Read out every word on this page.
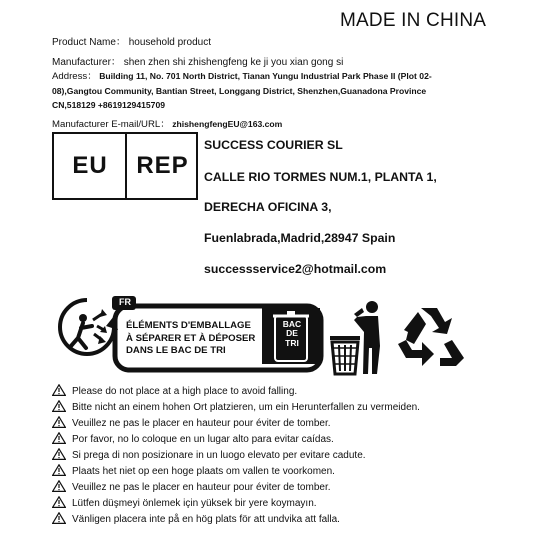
MADE IN CHINA
Product Name： household product
Manufacturer： shen zhen shi zhishengfeng ke ji you xian gong si
Address： Building 11, No. 701 North District, Tianan Yungu Industrial Park Phase II (Plot 02-08),Gangtou Community, Bantian Street, Longgang District, Shenzhen,Guanadona Province CN,518129 +8619129415709
Manufacturer E-mail/URL： zhishengfengEU@163.com
EU	REP
SUCCESS COURIER SL
CALLE RIO TORMES NUM.1, PLANTA 1,
DERECHA OFICINA 3,
Fuenlabrada,Madrid,28947 Spain
successservice2@hotmail.com
FR
ÉLÉMENTS D'EMBALLAGE
À SÉPARER ET À DÉPOSER
DANS LE BAC DE TRI
BAC
DE
TRI
Please do not place at a high place to avoid falling.
Bitte nicht an einem hohen Ort platzieren, um ein Herunterfallen zu vermeiden.
Veuillez ne pas le placer en hauteur pour éviter de tomber.
Por favor, no lo coloque en un lugar alto para evitar caídas.
Si prega di non posizionare in un luogo elevato per evitare cadute.
Plaats het niet op een hoge plaats om vallen te voorkomen.
Veuillez ne pas le placer en hauteur pour éviter de tomber.
Lütfen düşmeyi önlemek için yüksek bir yere koymayın.
Vänligen placera inte på en hög plats för att undvika att falla.
